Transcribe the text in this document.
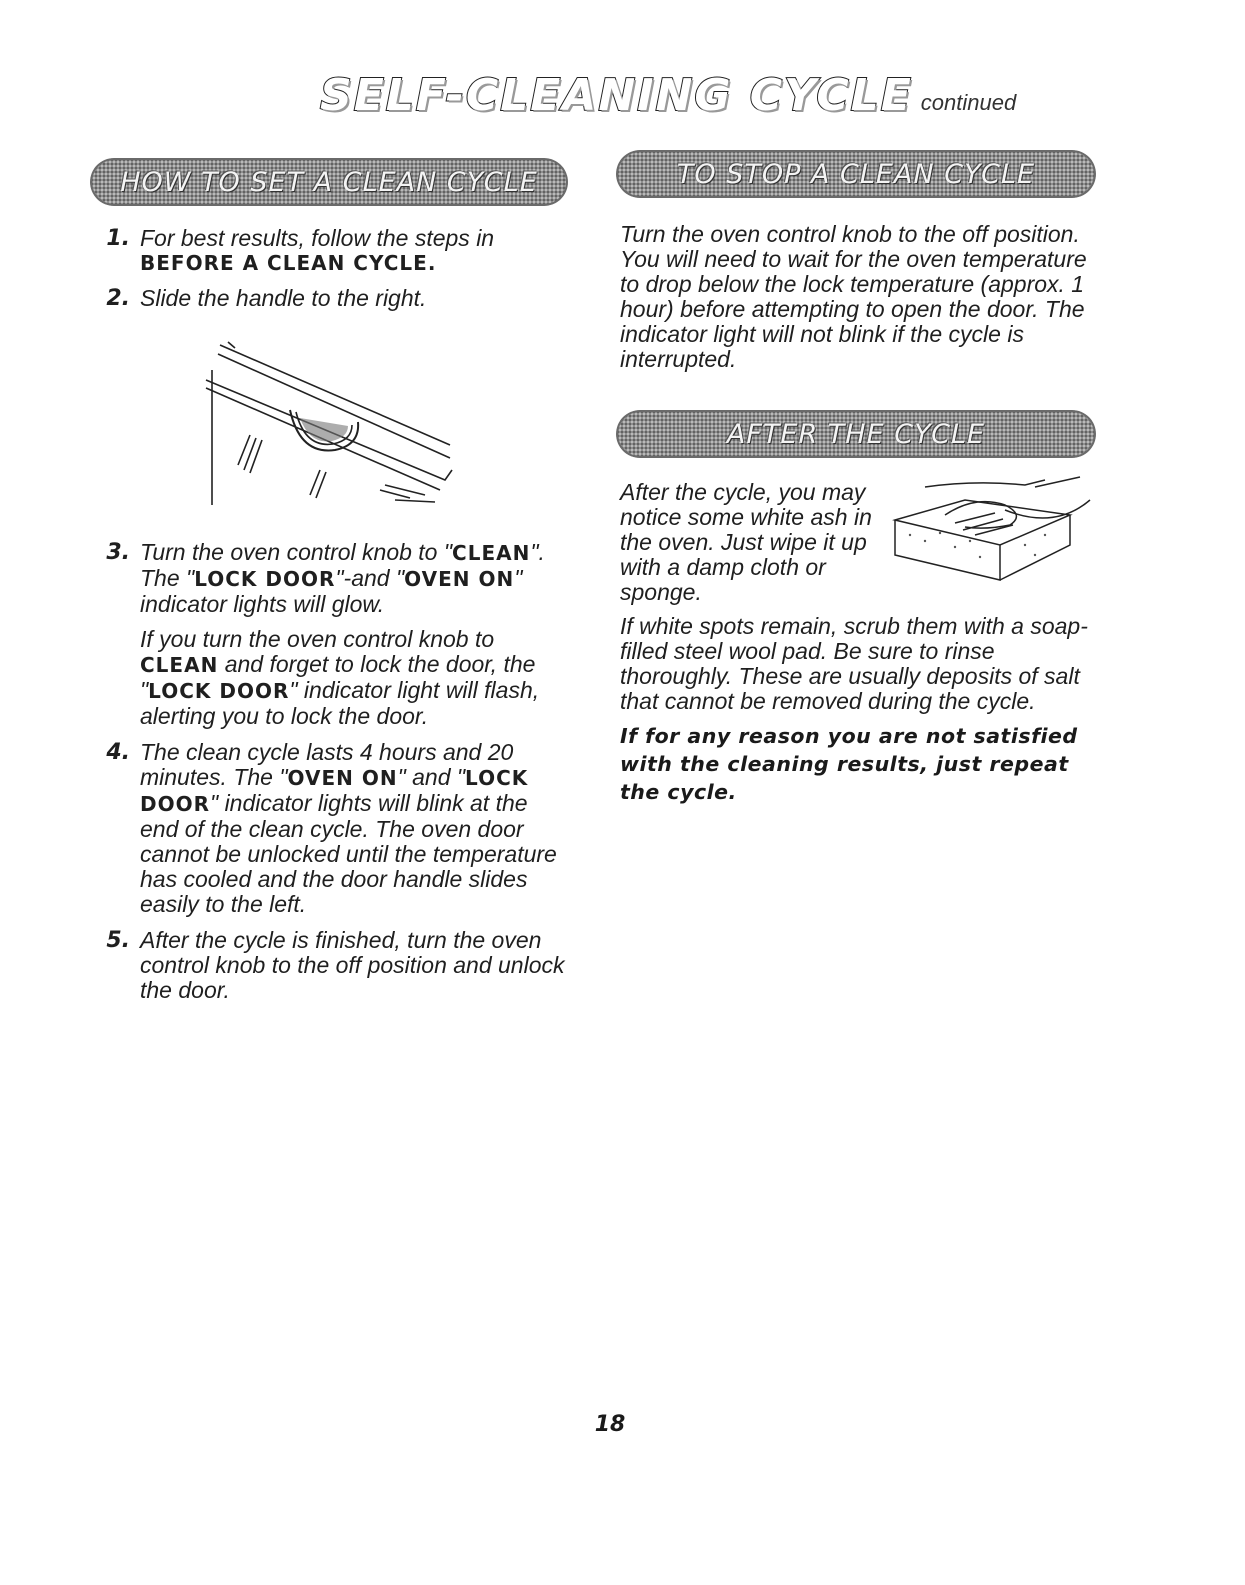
SELF-CLEANING CYCLE continued
HOW TO SET A CLEAN CYCLE
1. For best results, follow the steps in

BEFORE A CLEAN CYCLE.

2. Slide the handle to the right.

3. Turn the oven control knob to "CLEAN".

The "LOCK DOOR"-and "OVEN ON"

indicator lights will glow.

If you turn the oven control knob to CLEAN and forget to lock the door, the "LOCK DOOR" indicator light will flash, alerting you to lock the door.

4. The clean cycle lasts 4 hours and 20 minutes. The "OVEN ON" and "LOCK DOOR" indicator lights will blink at the end of the clean cycle. The oven door cannot be unlocked until the temperature has cooled and the door handle slides easily to the left.

5. After the cycle is finished, turn the oven control knob to the off position and unlock the door.

TO STOP A CLEAN CYCLE

Turn the oven control knob to the off position. You will need to wait for the oven temperature to drop below the lock temperature (approx. 1 hour) before attempting to open the door. The indicator light will not blink if the cycle is interrupted.

AFTER THE CYCLE

After the cycle, you may notice some white ash in the oven. Just wipe it up with a damp cloth or sponge.

If white spots remain, scrub them with a soap-filled steel wool pad. Be sure to rinse thoroughly. These are usually deposits of salt that cannot be removed during the cycle.

If for any reason you are not satisfied with the cleaning results, just repeat the cycle.

18
